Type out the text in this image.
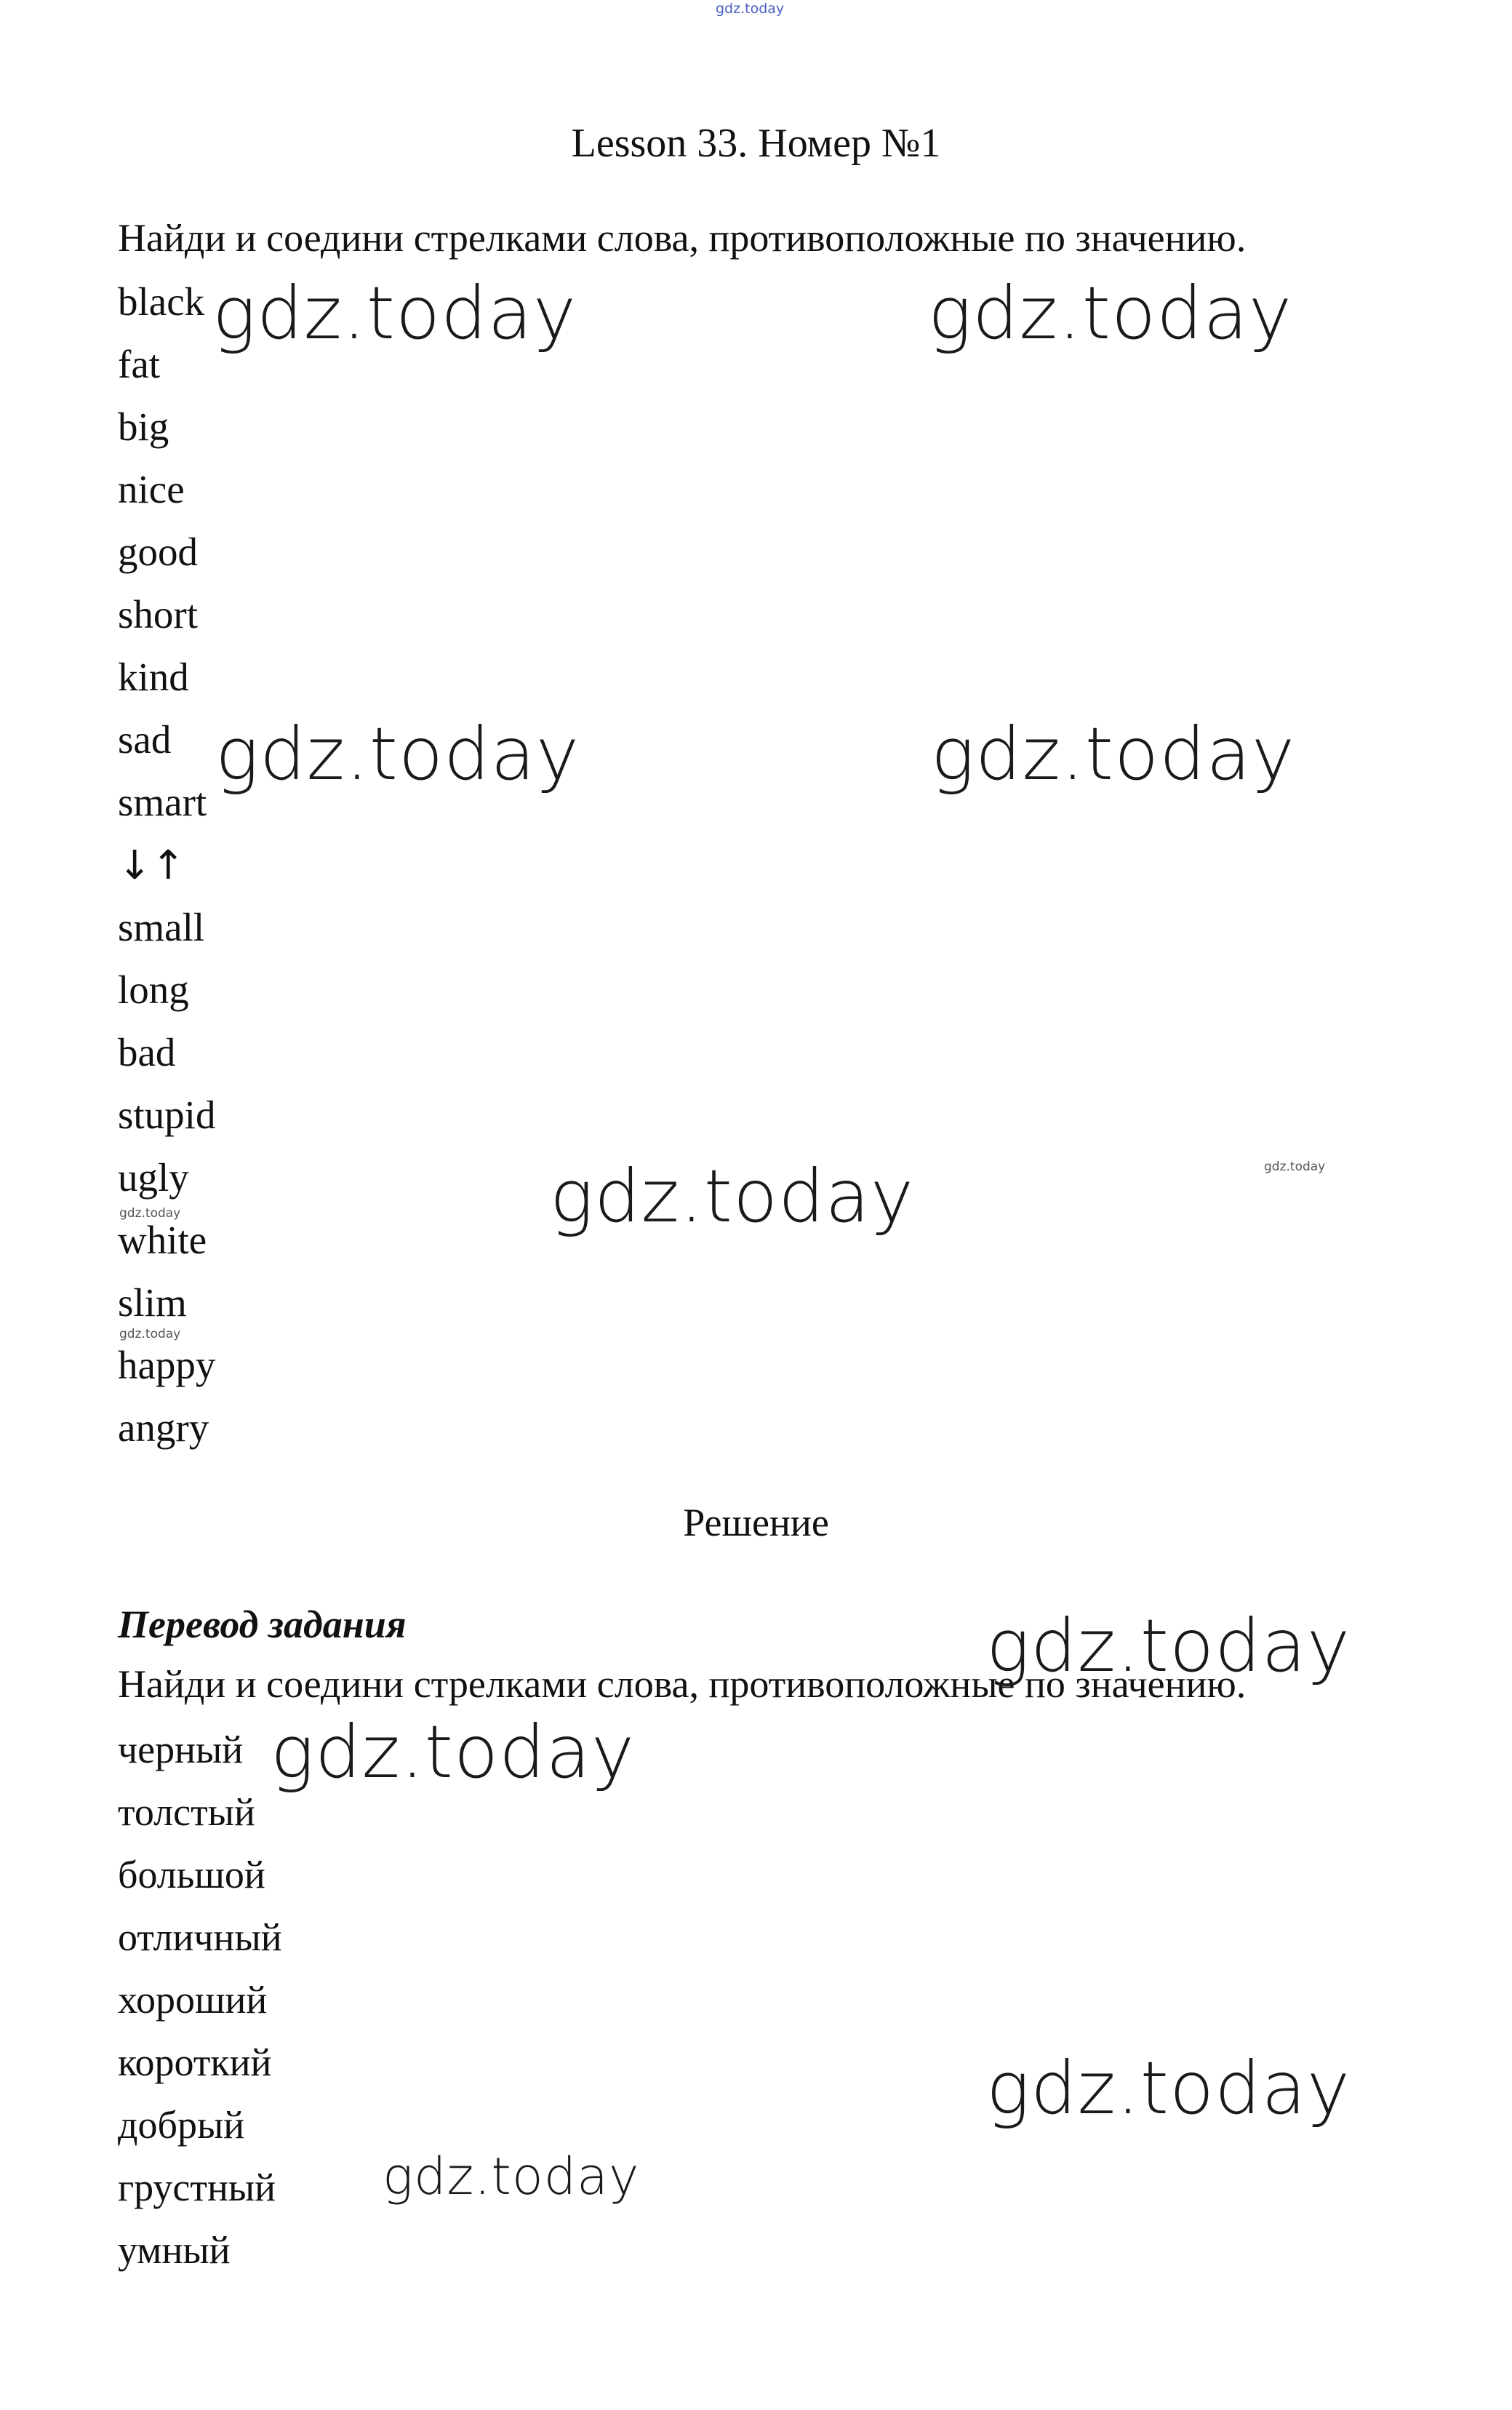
gdz.today
Lesson 33. Номер №1
Найди и соедини стрелками слова, противоположные по значению.
black
fat
big
nice
good
short
kind
sad
smart
↓↑
small
long
bad
stupid
ugly
white
slim
happy
angry
Решение
Перевод задания
Найди и соедини стрелками слова, противоположные по значению.
черный
толстый
большой
отличный
хороший
короткий
добрый
грустный
умный
gdz.today	gdz.today
gdz.today	gdz.today
gdz.today
gdz.today
gdz.today
gdz.today
gdz.today
gdz.today
gdz.today
gdz.today
